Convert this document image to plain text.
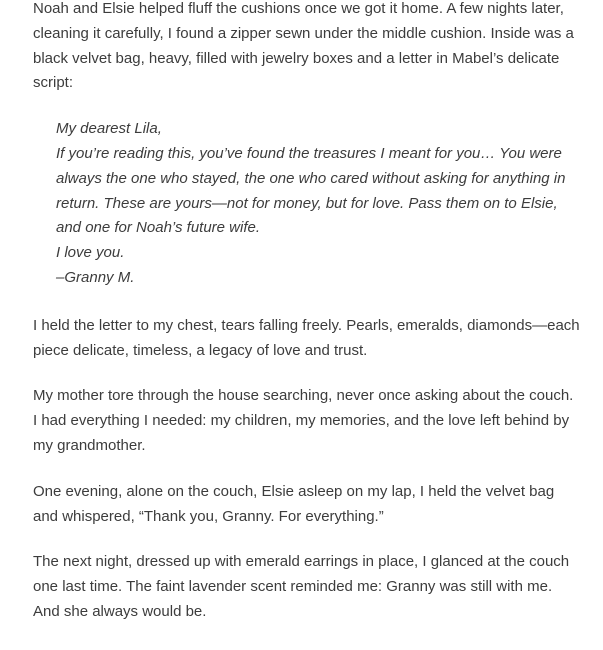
Noah and Elsie helped fluff the cushions once we got it home. A few nights later, cleaning it carefully, I found a zipper sewn under the middle cushion. Inside was a black velvet bag, heavy, filled with jewelry boxes and a letter in Mabel’s delicate script:

My dearest Lila,
If you’re reading this, you’ve found the treasures I meant for you… You were always the one who stayed, the one who cared without asking for anything in return. These are yours—not for money, but for love. Pass them on to Elsie, and one for Noah’s future wife.
I love you.
–Granny M.

I held the letter to my chest, tears falling freely. Pearls, emeralds, diamonds—each piece delicate, timeless, a legacy of love and trust.

My mother tore through the house searching, never once asking about the couch. I had everything I needed: my children, my memories, and the love left behind by my grandmother.

One evening, alone on the couch, Elsie asleep on my lap, I held the velvet bag and whispered, “Thank you, Granny. For everything.”

The next night, dressed up with emerald earrings in place, I glanced at the couch one last time. The faint lavender scent reminded me: Granny was still with me. And she always would be.
